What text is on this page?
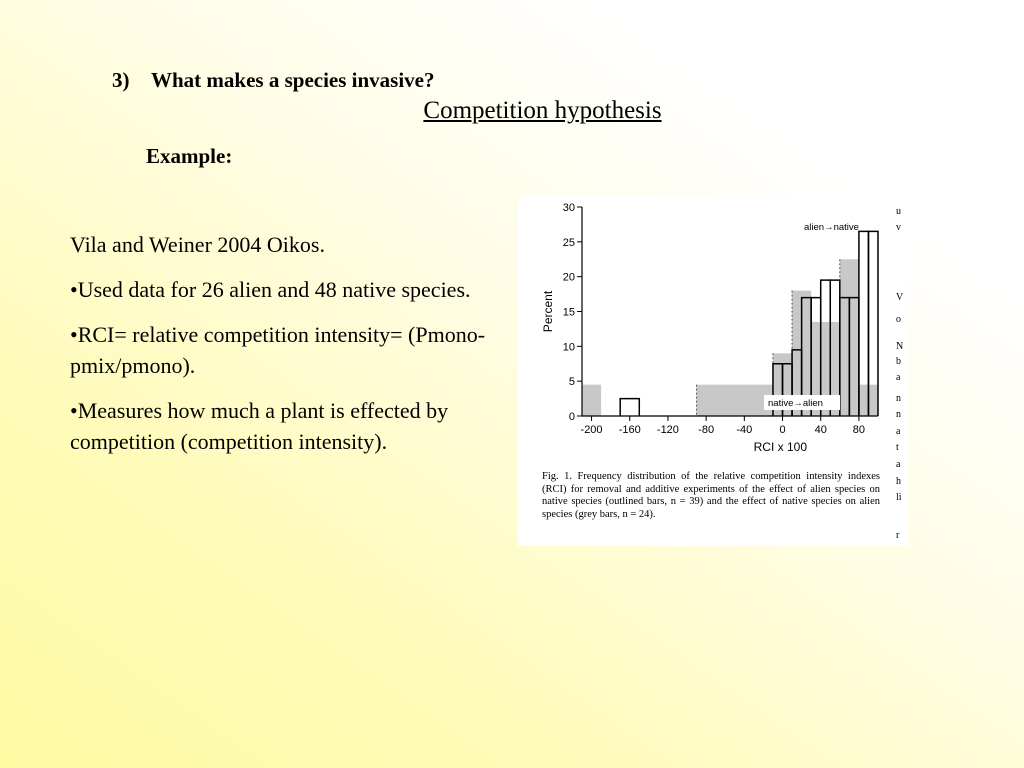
3) What makes a species invasive?
Competition hypothesis
Example:

Vila and Weiner 2004 Oikos.

•Used data for 26 alien and 48 native species.

•RCI= relative competition intensity= (Pmono-pmix/pmono).

•Measures how much a plant is effected by competition (competition intensity).

0
5
10
15
20
25
30
-200 -160 -120 -80 -40 0	40 80
RCI x 100
Percent
alien→native
native→alien
Fig. 1. Frequency distribution of the relative competition intensity indexes (RCI) for removal and additive experiments of the effect of alien species on native species (outlined bars, n = 39) and the effect of native species on alien species (grey bars, n = 24).
u
v
V
o
N
b
a
n
n
a
t
a
h
li
r
